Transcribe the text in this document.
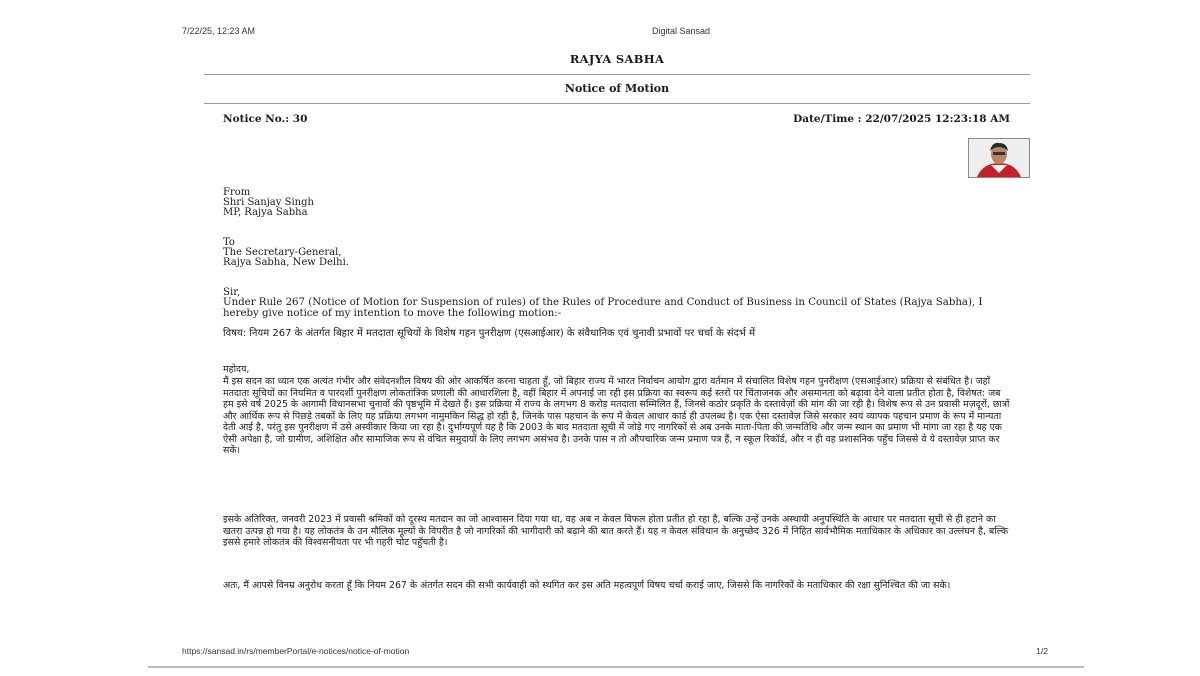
7/22/25, 12:23 AM	Digital Sansad
RAJYA SABHA
Notice of Motion
Notice No.: 30	Date/Time : 22/07/2025 12:23:18 AM
From
Shri Sanjay Singh
MP, Rajya Sabha
To
The Secretary-General,
Rajya Sabha, New Delhi.
Sir,
Under Rule 267 (Notice of Motion for Suspension of rules) of the Rules of Procedure and Conduct of Business in Council of States (Rajya Sabha), I hereby give notice of my intention to move the following motion:-
विषय: नियम 267 के अंतर्गत बिहार में मतदाता सूचियों के विशेष गहन पुनरीक्षण (एसआईआर) के संवैधानिक एवं चुनावी प्रभावों पर चर्चा के संदर्भ में
महोदय,
मैं इस सदन का ध्यान एक अत्यंत गंभीर और संवेदनशील विषय की ओर आकर्षित करना चाहता हूँ, जो बिहार राज्य में भारत निर्वाचन आयोग द्वारा वर्तमान में संचालित विशेष गहन पुनरीक्षण (एसआईआर) प्रक्रिया से संबंधित है। जहाँ मतदाता सूचियों का नियमित व पारदर्शी पुनरीक्षण लोकतांत्रिक प्रणाली की आधारशिला है, वहीं बिहार में अपनाई जा रही इस प्रक्रिया का स्वरूप कई स्तरों पर चिंताजनक और असमानता को बढ़ावा देने वाला प्रतीत होता है, विशेषत: जब हम इसे वर्ष 2025 के आगामी विधानसभा चुनावों की पृष्ठभूमि में देखते हैं। इस प्रक्रिया में राज्य के लगभग 8 करोड़ मतदाता सम्मिलित हैं, जिनसे कठोर प्रकृति के दस्तावेज़ों की मांग की जा रही है। विशेष रूप से उन प्रवासी मज़दूरों, छात्रों और आर्थिक रूप से पिछड़े तबकों के लिए यह प्रक्रिया लगभग नामुमकिन सिद्ध हो रही है, जिनके पास पहचान के रूप में केवल आधार कार्ड ही उपलब्ध है। एक ऐसा दस्तावेज़ जिसे सरकार स्वयं व्यापक पहचान प्रमाण के रूप में मान्यता देती आई है, परंतु इस पुनरीक्षण में उसे अस्वीकार किया जा रहा है। दुर्भाग्यपूर्ण यह है कि 2003 के बाद मतदाता सूची में जोड़े गए नागरिकों से अब उनके माता-पिता की जन्मतिथि और जन्म स्थान का प्रमाण भी मांगा जा रहा है यह एक ऐसी अपेक्षा है, जो ग्रामीण, अशिक्षित और सामाजिक रूप से वंचित समुदायों के लिए लगभग असंभव है। उनके पास न तो औपचारिक जन्म प्रमाण पत्र हैं, न स्कूल रिकॉर्ड, और न ही वह प्रशासनिक पहुँच जिससे वे ये दस्तावेज़ प्राप्त कर सकें।
इसके अतिरिक्त, जनवरी 2023 में प्रवासी श्रमिकों को दूरस्थ मतदान का जो आश्वासन दिया गया था, वह अब न केवल विफल होता प्रतीत हो रहा है, बल्कि उन्हें उनके अस्थायी अनुपस्थिति के आधार पर मतदाता सूची से ही हटाने का खतरा उत्पन्न हो गया है। यह लोकतंत्र के उन मौलिक मूल्यों के विपरीत है जो नागरिकों की भागीदारी को बढ़ाने की बात करते हैं। यह न केवल संविधान के अनुच्छेद 326 में निहित सार्वभौमिक मताधिकार के अधिकार का उल्लंघन है, बल्कि इससे हमारे लोकतंत्र की विश्वसनीयता पर भी गहरी चोट पहुँचती है।
अतः, मैं आपसे विनम्र अनुरोध करता हूँ कि नियम 267 के अंतर्गत सदन की सभी कार्यवाही को स्थगित कर इस अति महत्वपूर्ण विषय चर्चा कराई जाए, जिससे कि नागरिकों के मताधिकार की रक्षा सुनिश्चित की जा सके।
https://sansad.in/rs/memberPortal/e-notices/notice-of-motion	1/2
